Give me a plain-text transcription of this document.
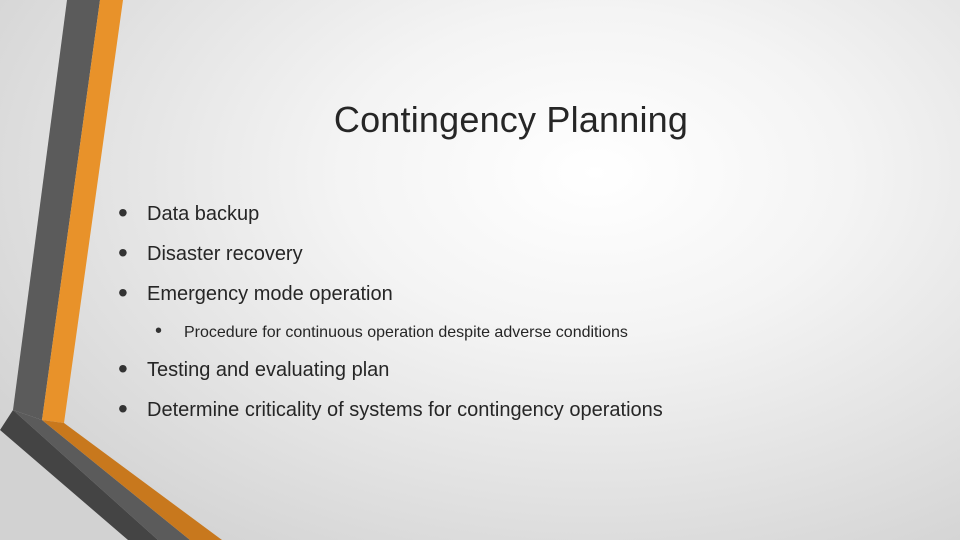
Contingency Planning
• Data backup
• Disaster recovery
• Emergency mode operation
• Procedure for continuous operation despite adverse conditions
• Testing and evaluating plan
• Determine criticality of systems for contingency operations
